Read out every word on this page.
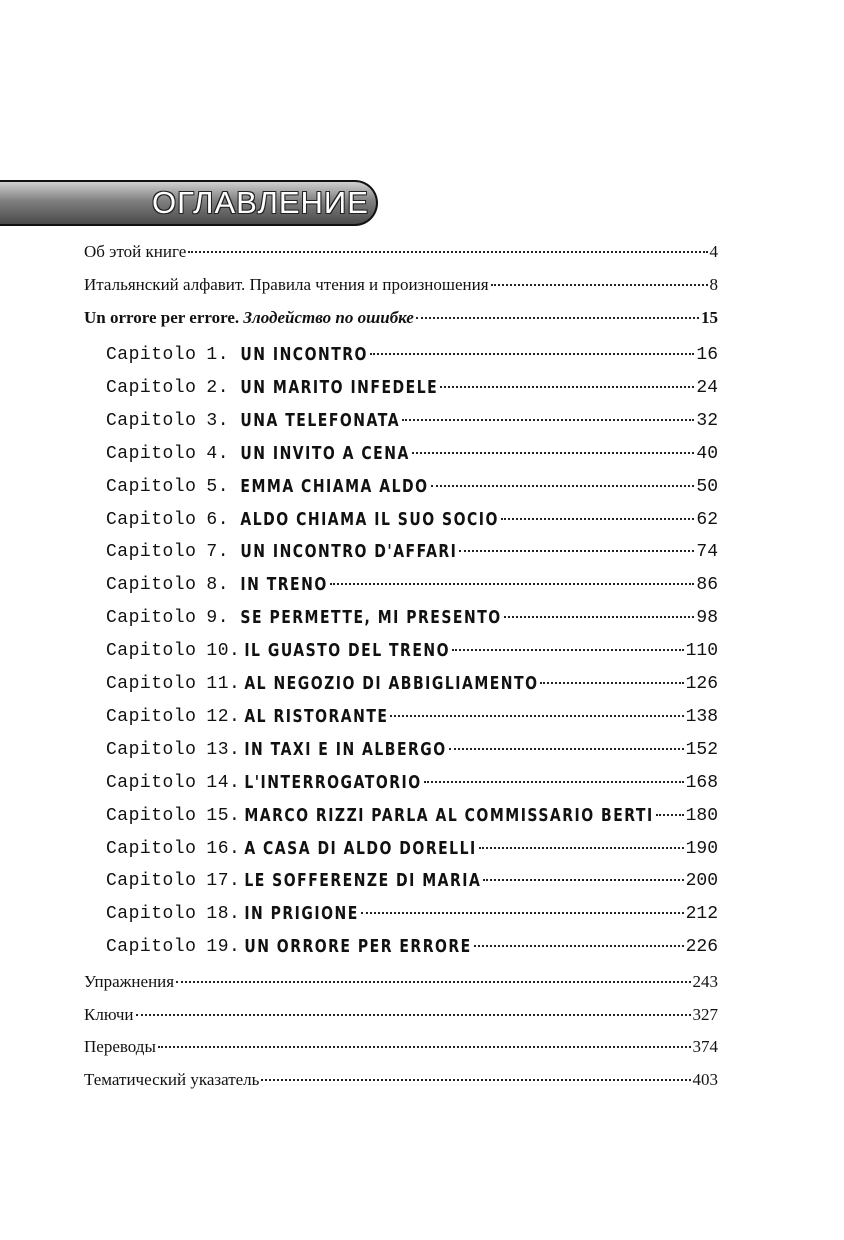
ОГЛАВЛЕНИЕ
Об этой книге	4
Итальянский алфавит. Правила чтения и произношения	8
Un orrore per errore. Злодейство по ошибке	15
Capitolo 1. UN INCONTRO	16
Capitolo 2. UN MARITO INFEDELE	24
Capitolo 3. UNA TELEFONATA	32
Capitolo 4. UN INVITO A CENA	40
Capitolo 5. EMMA CHIAMA ALDO	50
Capitolo 6. ALDO CHIAMA IL SUO SOCIO	62
Capitolo 7. UN INCONTRO D'AFFARI	74
Capitolo 8. IN TRENO	86
Capitolo 9. SE PERMETTE, MI PRESENTO	98
Capitolo 10. IL GUASTO DEL TRENO	110
Capitolo 11. AL NEGOZIO DI ABBIGLIAMENTO	126
Capitolo 12. AL RISTORANTE	138
Capitolo 13. IN TAXI E IN ALBERGO	152
Capitolo 14. L'INTERROGATORIO	168
Capitolo 15. MARCO RIZZI PARLA AL COMMISSARIO BERTI 180
Capitolo 16. A CASA DI ALDO DORELLI	190
Capitolo 17. LE SOFFERENZE DI MARIA	200
Capitolo 18. IN PRIGIONE	212
Capitolo 19. UN ORRORE PER ERRORE	226
Упражнения	243
Ключи	327
Переводы	374
Тематический указатель	403
